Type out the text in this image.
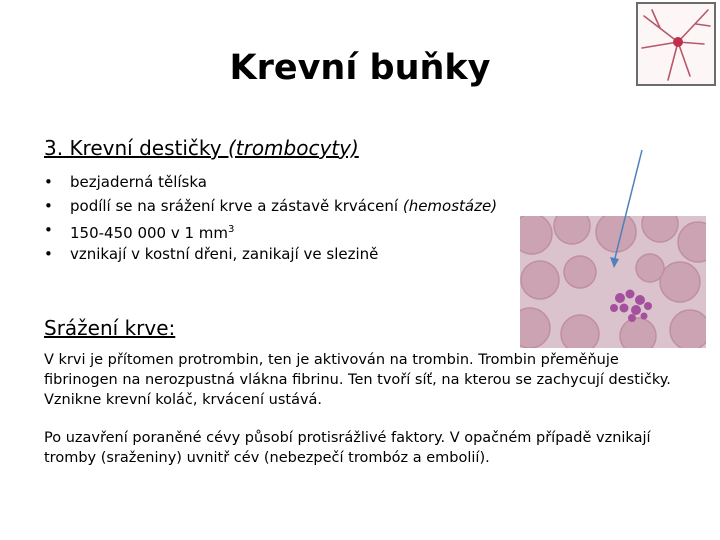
Krevní buňky
3. Krevní destičky (trombocyty)
• bezjaderná tělíska
• podílí se na srážení krve a zástavě krvácení (hemostáze)
• 150-450 000 v 1 $mm^3$
• vznikají v kostní dřeni, zanikají ve slezině
Srážení krve:
V krvi je přítomen protrombin, ten je aktivován na trombin. Trombin přeměňuje fibrinogen na nerozpustná vlákna fibrinu. Ten tvoří síť, na kterou se zachycují destičky. Vznikne krevní koláč, krvácení ustává.
Po uzavření poraněné cévy působí protisrážlivé faktory. V opačném případě vznikají tromby (sraženiny) uvnitř cév (nebezpečí trombóz a embolií).
